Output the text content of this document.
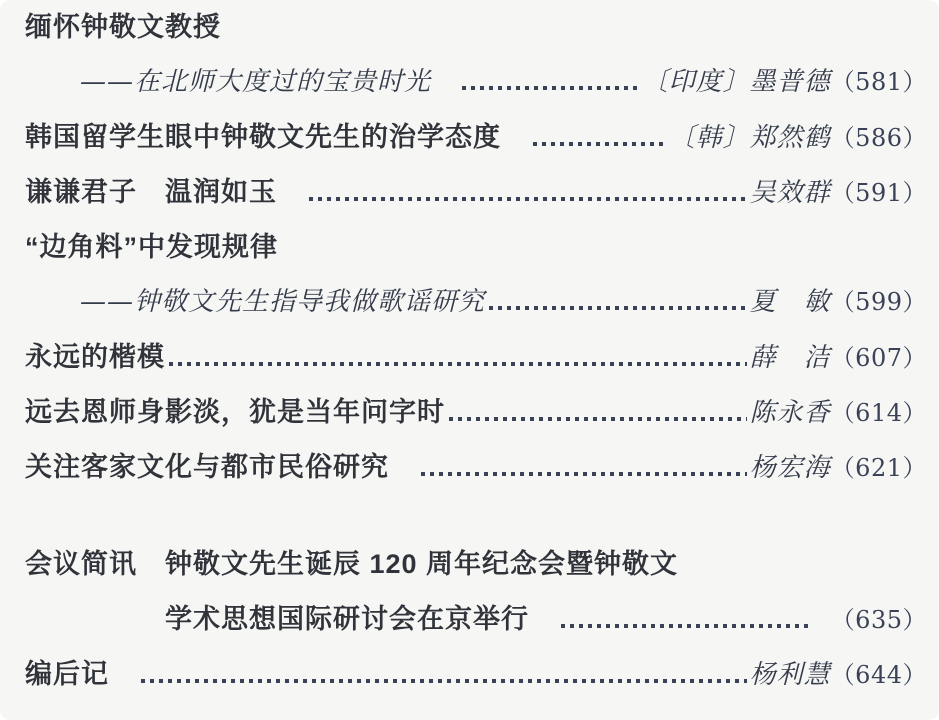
缅怀钟敬文教授
——在北师大度过的宝贵时光　	〔印度〕墨普德 （581）
韩国留学生眼中钟敬文先生的治学态度　	〔韩〕郑然鹤 （586）
谦谦君子　温润如玉　	吴效群 （591）
“边角料”中发现规律
——钟敬文先生指导我做歌谣研究	夏　敏 （599）
永远的楷模	薛　洁 （607）
远去恩师身影淡，犹是当年问字时	陈永香 （614）
关注客家文化与都市民俗研究　	杨宏海 （621）
会议简讯　钟敬文先生诞辰 120 周年纪念会暨钟敬文
学术思想国际研讨会在京举行　	（635）
编后记　	杨利慧 （644）
